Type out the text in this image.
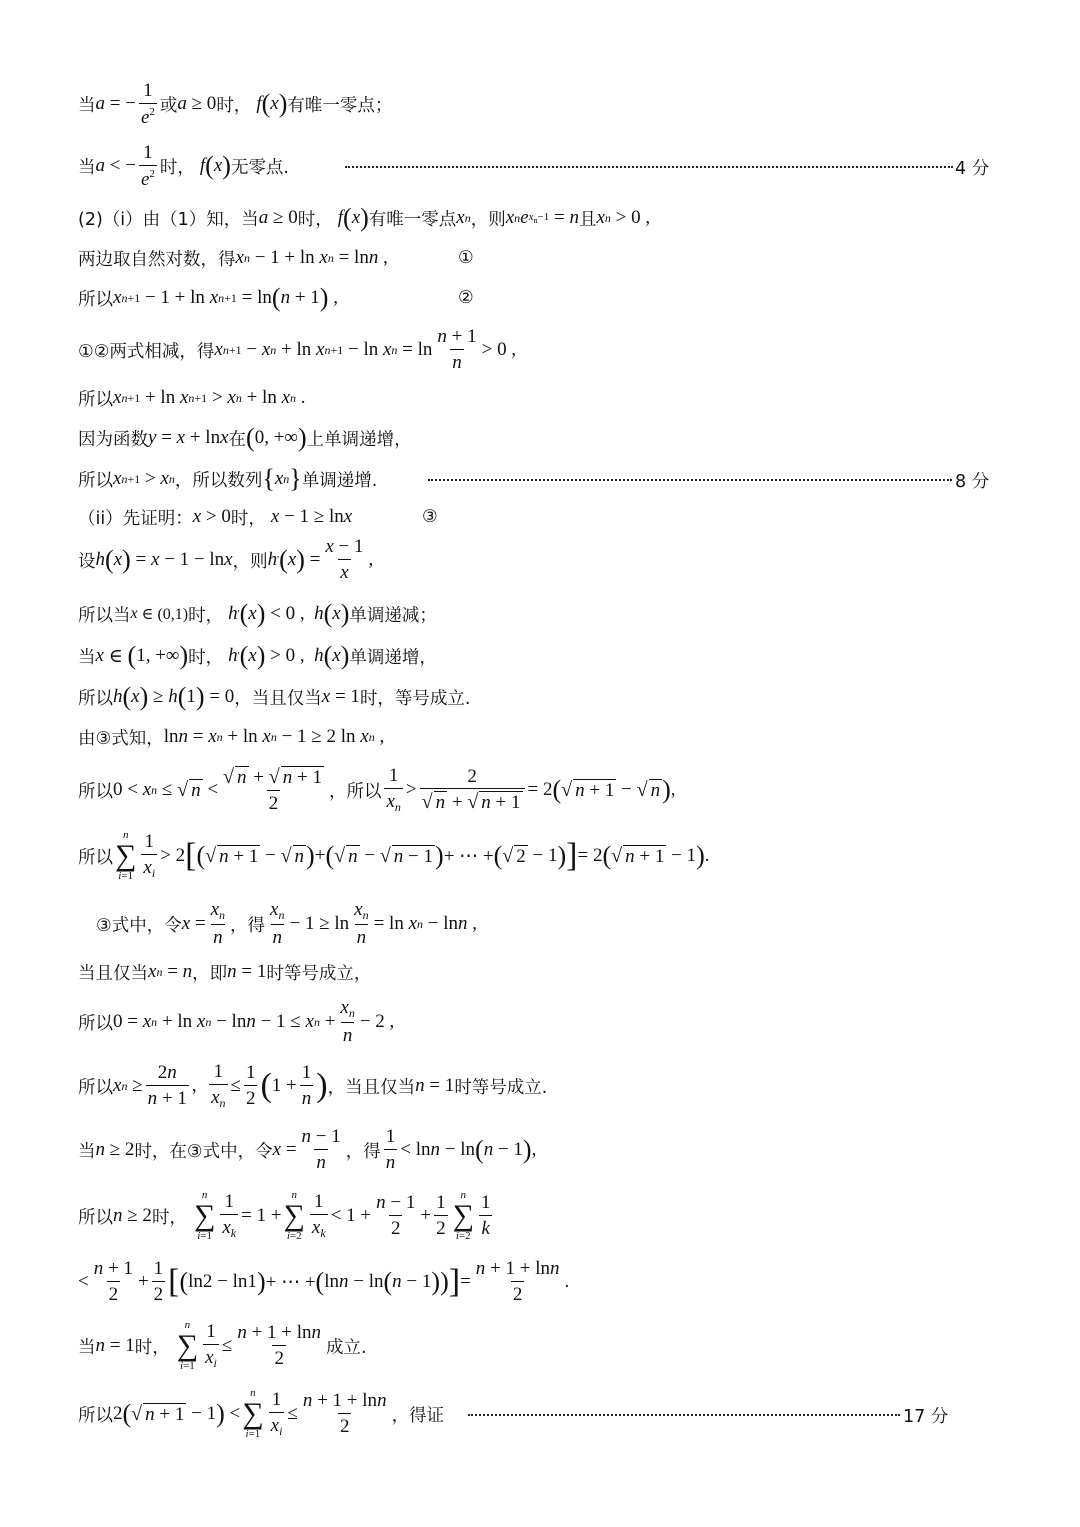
当 a = −
1
$e^2$ 或 a ≥ 0 时， f ( x ) 有唯一零点；
当 a < −
1
$e^2$ 时， f ( x ) 无零点.	4 分
(2)（i）由（1）知，当 a ≥ 0 时， f ( x ) 有唯一零点 x n ，则 x n e $x_n-1 = n$ 且 x n > 0 ,
两边取自然对数，得 x n − 1 + ln x n = ln n ,	①
所以 x n +1 − 1 + ln x n +1 = ln ( n + 1 ) ,	②
①②两式相减，得 x n +1 − x n + ln x n +1 − ln x n = ln
n + 1
n
> 0 ,
所以 x n +1 + ln x n +1 > x n + ln x n .
因为函数 y = x + ln x 在 ( 0, +∞ ) 上单调递增，
所以 x n +1 > x n ，所以数列 { x n } 单调递增.	8 分
（ii）先证明： x > 0 时， x − 1 ≥ ln x	③
设 h ( x ) = x − 1 − ln x ，则 h ' ( x ) =
x − 1
x
,
所以当 x ∈ (0,1) 时， h ' ( x ) < 0 , h ( x ) 单调递减；
当 x ∈ ( 1, +∞ ) 时， h ' ( x ) > 0 , h ( x ) 单调递增，
所以 h ( x ) ≥ h ( 1 ) = 0 ，当且仅当 x = 1 时，等号成立.
由③式知， ln n = x n + ln x n − 1 ≥ 2 ln x n ,
所以 0 < x n ≤ √ n <
√ n + √ n + 1
2
，所以
1
$x_n$
>
2
√ n + √ n + 1
= 2 ( √ n + 1 − √ n ) ,
所以
n
∑
i=1
1
$x_i$
> 2 [ ( √ n + 1 − √ n ) + ( √ n − √ n − 1 ) + ⋯ + ( √ 2 − 1 ) ] = 2 ( √ n + 1 − 1 ) .
③式中，令 x =
$x_n$
n
，得
$x_n$
n
− 1 ≥ ln
$x_n$
n
= ln x n − ln n ,
当且仅当 x n = n ，即 n = 1 时等号成立，
所以 0 = x n + ln x n − ln n − 1 ≤ x n +
$x_n$
n
− 2 ,
所以 x n ≥
2n
n + 1
,
1
$x_n$
≤
1
2 ( 1 +
1
n ) ，当且仅当 n = 1 时等号成立.
当 n ≥ 2 时，在③式中，令 x =
n − 1
n
，得
1
n
< ln n − ln ( n − 1 ) ,
所以 n ≥ 2 时，
n
∑
i=1
1
$x_k$
= 1 +
n
∑
i=2
1
$x_k$
< 1 +
n − 1
2
+
1
2
n
∑
i=2
1
k
<
n + 1
2
+
1
2 [ ( ln2 − ln1 ) + ⋯ + ( ln n − ln ( n − 1 ) ) ] =
n + 1 + lnn
2
.
当 n = 1 时，
n
∑
i=1
1
$x_i$
≤
n + 1 + lnn
2
成立.
所以 2 ( √ n + 1 − 1 ) <
n
∑
i=1
1
$x_i$
≤
n + 1 + lnn
2
，得证	17 分
